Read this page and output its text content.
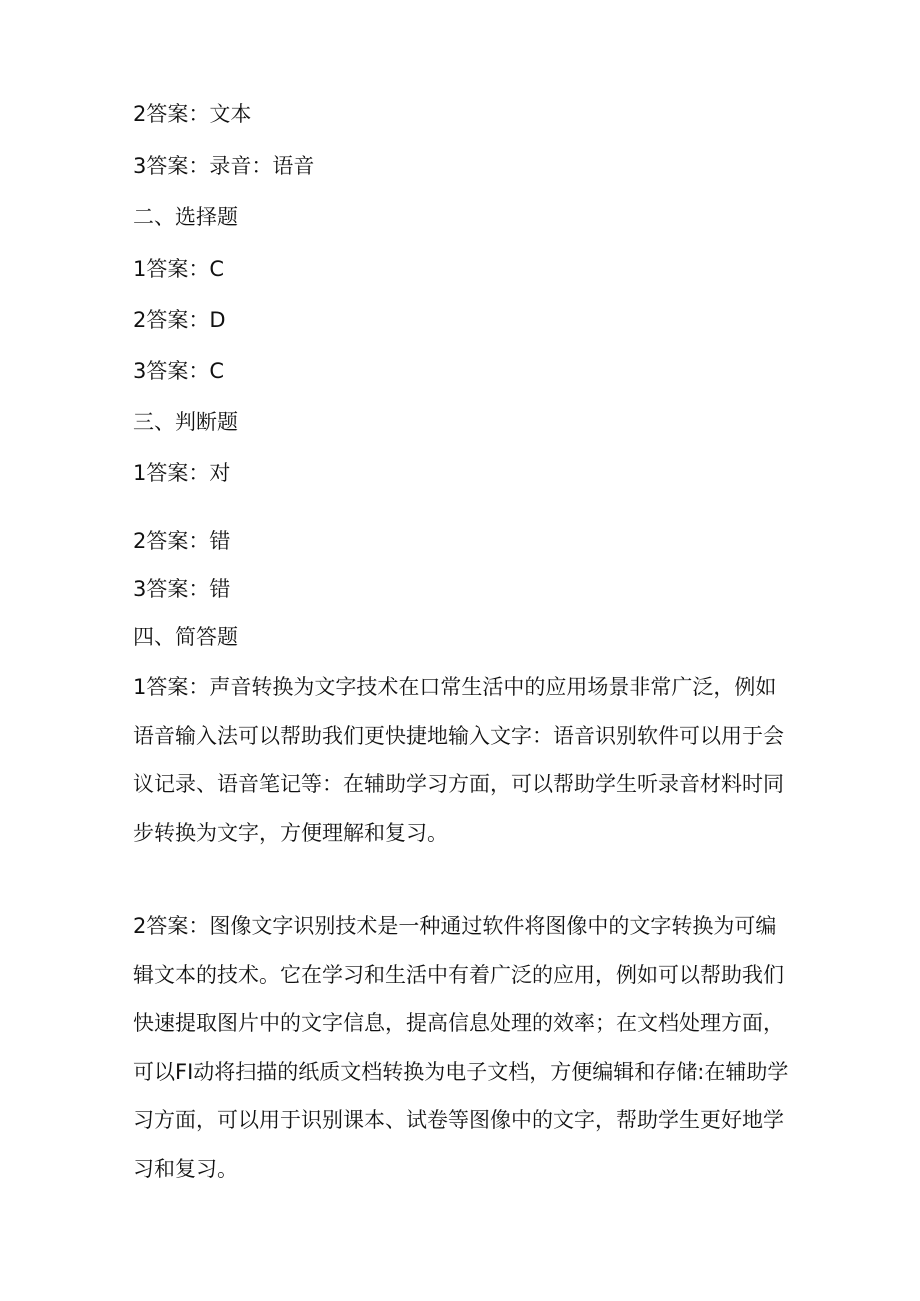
2答案：文本
3答案：录音：语音
二、选择题
1答案：C
2答案：D
3答案：C
三、判断题
1答案：对
2答案：错
3答案：错
四、简答题
1答案：声音转换为文字技术在口常生活中的应用场景非常广泛，例如语音输入法可以帮助我们更快捷地输入文字：语音识别软件可以用于会议记录、语音笔记等：在辅助学习方面，可以帮助学生听录音材料时同步转换为文字，方便理解和复习。
2答案：图像文字识别技术是一种通过软件将图像中的文字转换为可编辑文本的技术。它在学习和生活中有着广泛的应用，例如可以帮助我们快速提取图片中的文字信息，提高信息处理的效率；在文档处理方面，可以FI动将扫描的纸质文档转换为电子文档，方便编辑和存储:在辅助学习方面，可以用于识别课本、试卷等图像中的文字，帮助学生更好地学习和复习。
